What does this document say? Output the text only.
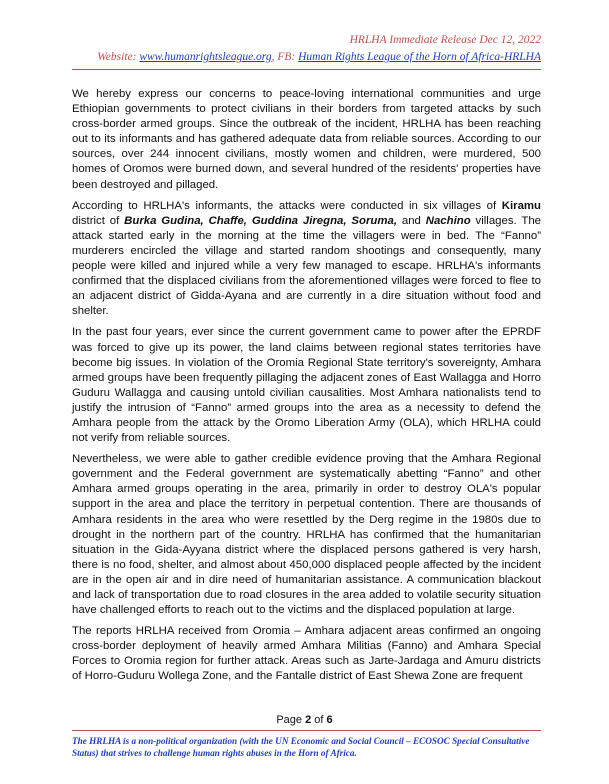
HRLHA Immediate Release Dec 12, 2022
Website: www.humanrightsleague.org, FB: Human Rights League of the Horn of Africa-HRLHA

We hereby express our concerns to peace-loving international communities and urge Ethiopian governments to protect civilians in their borders from targeted attacks by such cross-border armed groups. Since the outbreak of the incident, HRLHA has been reaching out to its informants and has gathered adequate data from reliable sources. According to our sources, over 244 innocent civilians, mostly women and children, were murdered, 500 homes of Oromos were burned down, and several hundred of the residents' properties have been destroyed and pillaged.

According to HRLHA's informants, the attacks were conducted in six villages of Kiramu district of Burka Gudina, Chaffe, Guddina Jiregna, Soruma, and Nachino villages. The attack started early in the morning at the time the villagers were in bed. The “Fanno” murderers encircled the village and started random shootings and consequently, many people were killed and injured while a very few managed to escape. HRLHA's informants confirmed that the displaced civilians from the aforementioned villages were forced to flee to an adjacent district of Gidda-Ayana and are currently in a dire situation without food and shelter.

In the past four years, ever since the current government came to power after the EPRDF was forced to give up its power, the land claims between regional states territories have become big issues. In violation of the Oromia Regional State territory's sovereignty, Amhara armed groups have been frequently pillaging the adjacent zones of East Wallagga and Horro Guduru Wallagga and causing untold civilian causalities. Most Amhara nationalists tend to justify the intrusion of “Fanno” armed groups into the area as a necessity to defend the Amhara people from the attack by the Oromo Liberation Army (OLA), which HRLHA could not verify from reliable sources.

Nevertheless, we were able to gather credible evidence proving that the Amhara Regional government and the Federal government are systematically abetting “Fanno” and other Amhara armed groups operating in the area, primarily in order to destroy OLA's popular support in the area and place the territory in perpetual contention. There are thousands of Amhara residents in the area who were resettled by the Derg regime in the 1980s due to drought in the northern part of the country. HRLHA has confirmed that the humanitarian situation in the Gida-Ayyana district where the displaced persons gathered is very harsh, there is no food, shelter, and almost about 450,000 displaced people affected by the incident are in the open air and in dire need of humanitarian assistance. A communication blackout and lack of transportation due to road closures in the area added to volatile security situation have challenged efforts to reach out to the victims and the displaced population at large.

The reports HRLHA received from Oromia – Amhara adjacent areas confirmed an ongoing cross-border deployment of heavily armed Amhara Militias (Fanno) and Amhara Special Forces to Oromia region for further attack. Areas such as Jarte-Jardaga and Amuru districts of Horro-Guduru Wollega Zone, and the Fantalle district of East Shewa Zone are frequent

Page 2 of 6
The HRLHA is a non-political organization (with the UN Economic and Social Council – ECOSOC Special Consultative Status) that strives to challenge human rights abuses in the Horn of Africa.
